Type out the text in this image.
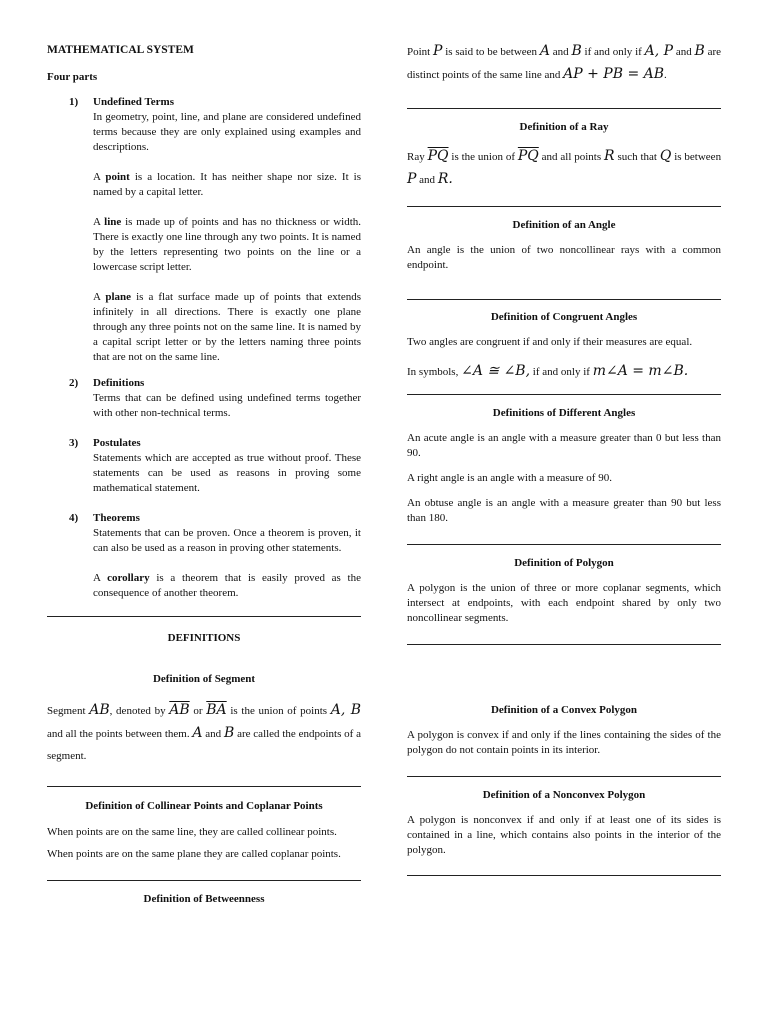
MATHEMATICAL SYSTEM

Four parts

1) Undefined Terms

In geometry, point, line, and plane are considered undefined terms because they are only explained using examples and descriptions.

A point is a location. It has neither shape nor size. It is named by a capital letter.

A line is made up of points and has no thickness or width. There is exactly one line through any two points. It is named by the letters representing two points on the line or a lowercase script letter.

A plane is a flat surface made up of points that extends infinitely in all directions. There is exactly one plane through any three points not on the same line. It is named by a capital script letter or by the letters naming three points that are not on the same line.

2) Definitions

Terms that can be defined using undefined terms together with other non-technical terms.

3) Postulates

Statements which are accepted as true without proof. These statements can be used as reasons in proving some mathematical statement.

4) Theorems

Statements that can be proven. Once a theorem is proven, it can also be used as a reason in proving other statements.

A corollary is a theorem that is easily proved as the consequence of another theorem.

DEFINITIONS

Definition of Segment

Segment AB, denoted by $\overline{AB}$ or $\overline{BA}$ is the union of points A, B and all the points between them. A and B are called the endpoints of a segment.

Definition of Collinear Points and Coplanar Points

When points are on the same line, they are called collinear points.

When points are on the same plane they are called coplanar points.

Definition of Betweenness

Point P is said to be between A and B if and only if A, P and B are distinct points of the same line and AP + PB = AB.

Definition of a Ray

Ray $\overline{PQ}$ is the union of $\overline{PQ}$ and all points R such that Q is between P and R.

Definition of an Angle

An angle is the union of two noncollinear rays with a common endpoint.

Definition of Congruent Angles

Two angles are congruent if and only if their measures are equal.

In symbols, ∠A ≅ ∠B, if and only if m∠A = m∠B.

Definitions of Different Angles

An acute angle is an angle with a measure greater than 0 but less than 90.

A right angle is an angle with a measure of 90.

An obtuse angle is an angle with a measure greater than 90 but less than 180.

Definition of Polygon

A polygon is the union of three or more coplanar segments, which intersect at endpoints, with each endpoint shared by only two noncollinear segments.

Definition of a Convex Polygon

A polygon is convex if and only if the lines containing the sides of the polygon do not contain points in its interior.

Definition of a Nonconvex Polygon

A polygon is nonconvex if and only if at least one of its sides is contained in a line, which contains also points in the interior of the polygon.
